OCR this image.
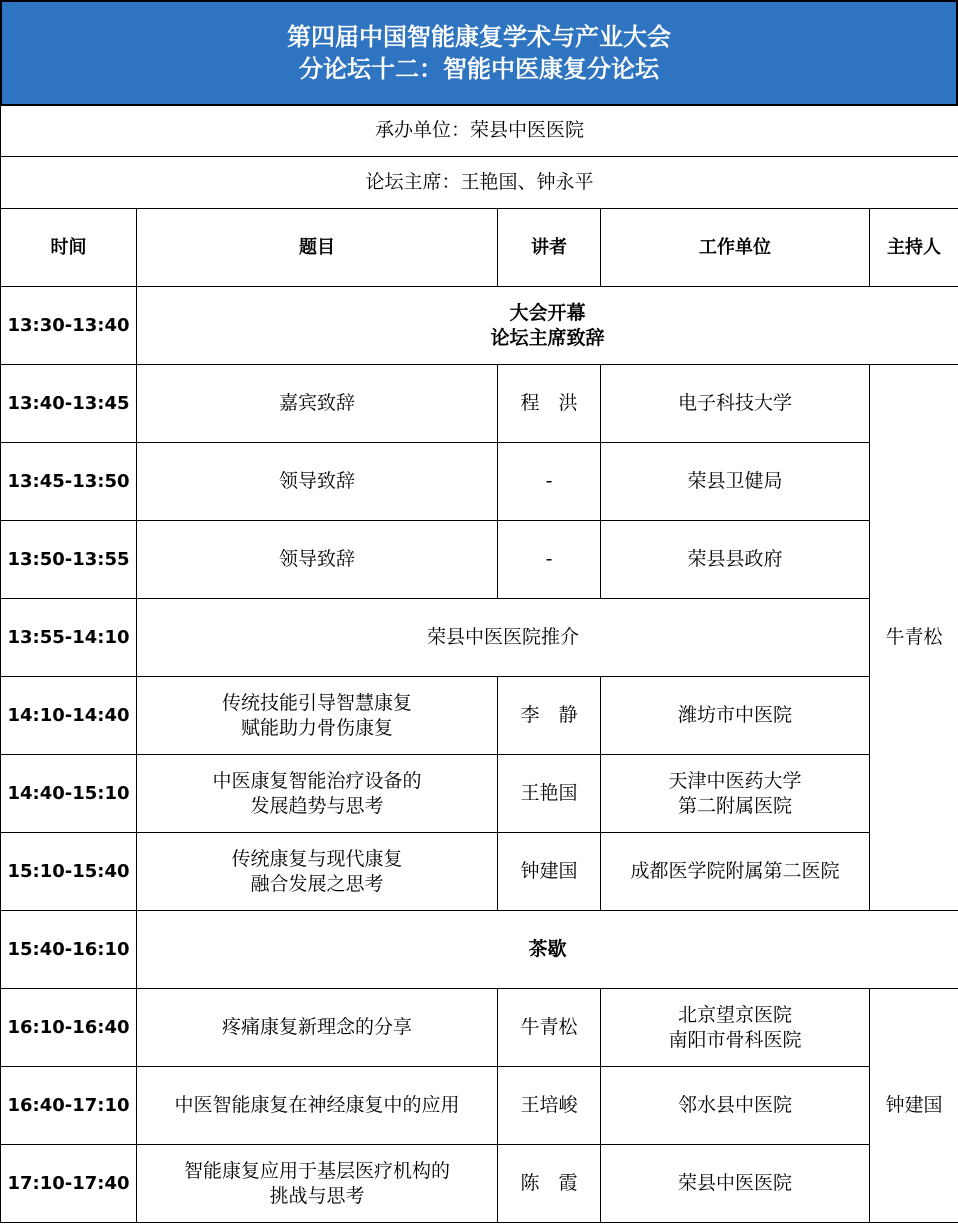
第四届中国智能康复学术与产业大会
分论坛十二：智能中医康复分论坛
承办单位：荣县中医医院				
论坛主席：王艳国、钟永平				
时间	题目	讲者	工作单位	主持人
13:30-13:40	大会开幕
论坛主席致辞			

13:40-13:45	嘉宾致辞	程　洪	电子科技大学	牛青松
13:45-13:50	领导致辞	-	荣县卫健局	

13:50-13:55	领导致辞	-	荣县县政府	

13:55-14:10	荣县中医医院推介			
14:10-14:40	传统技能引导智慧康复
赋能助力骨伤康复	李　静	潍坊市中医院	

14:40-15:10	中医康复智能治疗设备的
发展趋势与思考	王艳国	天津中医药大学
第二附属医院	

15:10-15:40	传统康复与现代康复
融合发展之思考	钟建国	成都医学院附属第二医院	

15:40-16:10	茶歇			
16:10-16:40	疼痛康复新理念的分享	牛青松	北京望京医院
南阳市骨科医院	钟建国
16:40-17:10	中医智能康复在神经康复中的应用	王培峻	邻水县中医院	

17:10-17:40	智能康复应用于基层医疗机构的
挑战与思考	陈　霞	荣县中医医院	
